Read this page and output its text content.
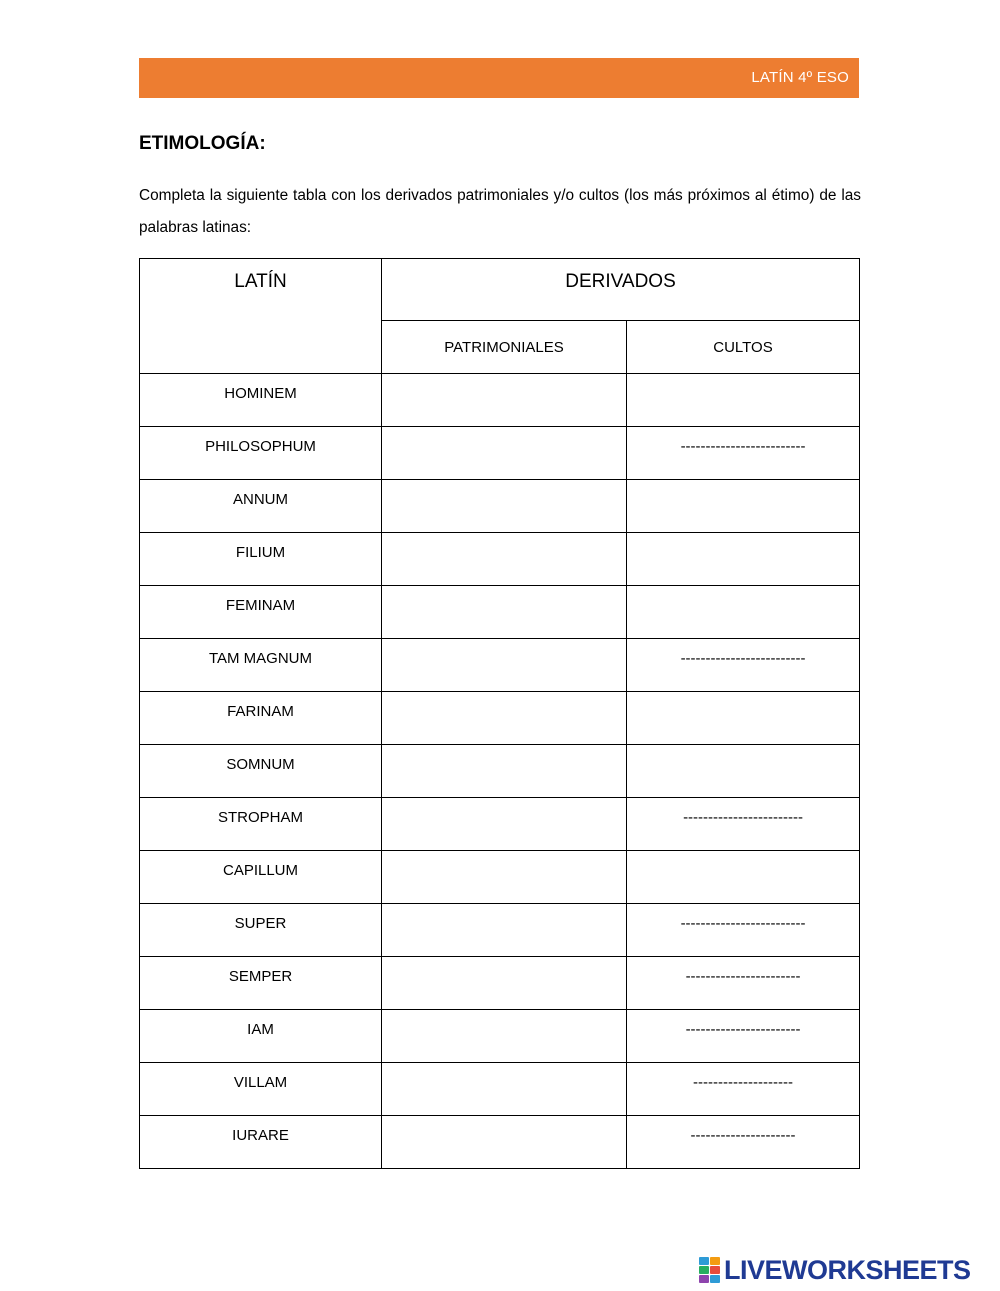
LATÍN 4º ESO
ETIMOLOGÍA:
Completa la siguiente tabla con los derivados patrimoniales y/o cultos (los más próximos al étimo) de las palabras latinas:
LATÍN	DERIVADOS	

	PATRIMONIALES	CULTOS

HOMINEM		

PHILOSOPHUM		-------------------------

ANNUM		

FILIUM		

FEMINAM		

TAM MAGNUM		-------------------------

FARINAM		

SOMNUM		

STROPHAM		------------------------

CAPILLUM		

SUPER		-------------------------

SEMPER		-----------------------

IAM		-----------------------

VILLAM		--------------------

IURARE		---------------------
LIVEWORKSHEETS
